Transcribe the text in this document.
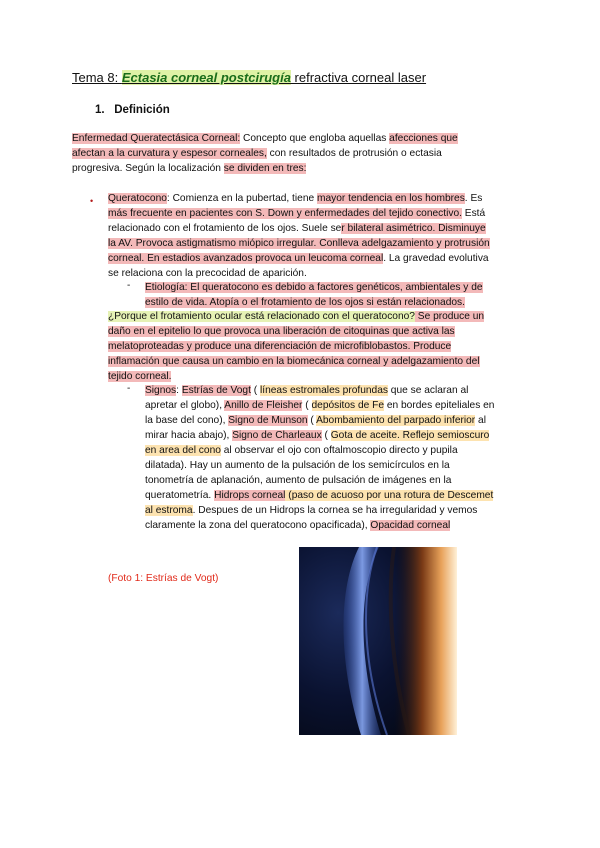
Tema 8: Ectasia corneal postcirugía refractiva corneal laser
1. Definición
Enfermedad Queratectásica Corneal: Concepto que engloba aquellas afecciones que
afectan a la curvatura y espesor corneales, con resultados de protrusión o ectasia
progresiva. Según la localización se dividen en tres:
• Queratocono: Comienza en la pubertad, tiene mayor tendencia en los hombres. Es
más frecuente en pacientes con S. Down y enfermedades del tejido conectivo. Está
relacionado con el frotamiento de los ojos. Suele ser bilateral asimétrico. Disminuye
la AV. Provoca astigmatismo miópico irregular. Conlleva adelgazamiento y protrusión
corneal. En estadios avanzados provoca un leucoma corneal. La gravedad evolutiva
se relaciona con la precocidad de aparición.
- Etiología: El queratocono es debido a factores genéticos, ambientales y de
estilo de vida. Atopía o el frotamiento de los ojos si están relacionados.
¿Porque el frotamiento ocular está relacionado con el queratocono? Se produce un
daño en el epitelio lo que provoca una liberación de citoquinas que activa las
melatoproteadas y produce una diferenciación de microfiblobastos. Produce
inflamación que causa un cambio en la biomecánica corneal y adelgazamiento del
tejido corneal.
- Signos: Estrías de Vogt ( líneas estromales profundas que se aclaran al
apretar el globo), Anillo de Fleisher ( depósitos de Fe en bordes epiteliales en
la base del cono), Signo de Munson ( Abombamiento del parpado inferior al
mirar hacia abajo), Signo de Charleaux ( Gota de aceite. Reflejo semioscuro
en area del cono al observar el ojo con oftalmoscopio directo y pupila
dilatada). Hay un aumento de la pulsación de los semicírculos en la
tonometría de aplanación, aumento de pulsación de imágenes en la
queratometría. Hidrops corneal (paso de acuoso por una rotura de Descemet
al estroma. Despues de un Hidrops la cornea se ha irregularidad y vemos
claramente la zona del queratocono opacificada), Opacidad corneal
(Foto 1: Estrías de Vogt)
